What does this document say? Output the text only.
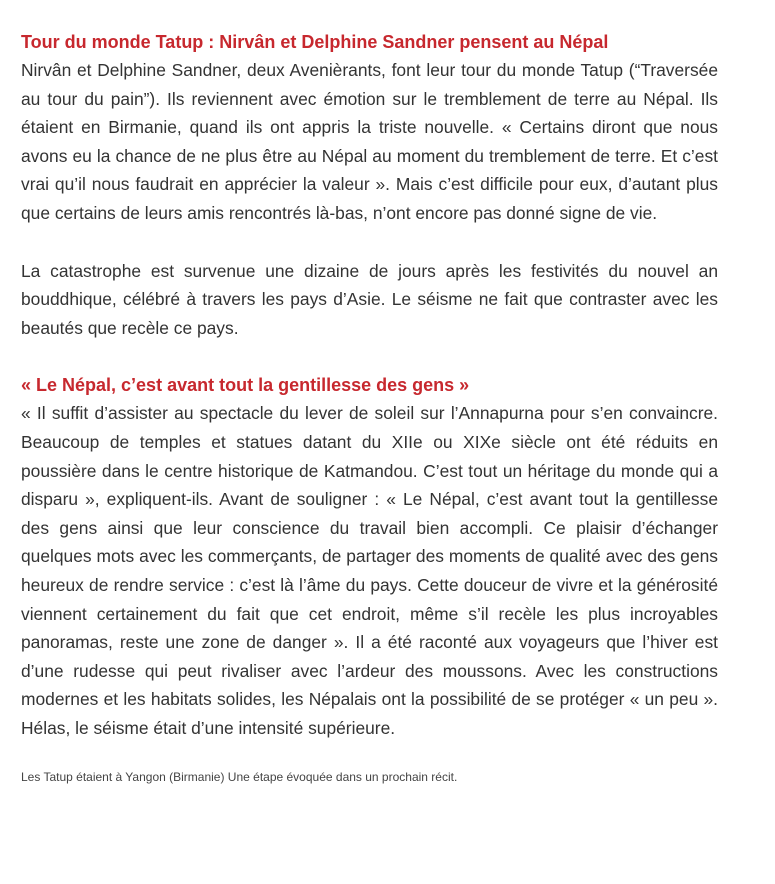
Tour du monde Tatup : Nirvân et Delphine Sandner pensent au Népal

Nirvân et Delphine Sandner, deux Avenièrants, font leur tour du monde Tatup (“Traversée au tour du pain”). Ils reviennent avec émotion sur le tremblement de terre au Népal. Ils étaient en Birmanie, quand ils ont appris la triste nouvelle. « Certains diront que nous avons eu la chance de ne plus être au Népal au moment du tremblement de terre. Et c’est vrai qu’il nous faudrait en apprécier la valeur ». Mais c’est difficile pour eux, d’autant plus que certains de leurs amis rencontrés là-bas, n’ont encore pas donné signe de vie.

La catastrophe est survenue une dizaine de jours après les festivités du nouvel an bouddhique, célébré à travers les pays d’Asie. Le séisme ne fait que contraster avec les beautés que recèle ce pays.

« Le Népal, c’est avant tout la gentillesse des gens »

« Il suffit d’assister au spectacle du lever de soleil sur l’Annapurna pour s’en convaincre. Beaucoup de temples et statues datant du XIIe ou XIXe siècle ont été réduits en poussière dans le centre historique de Katmandou. C’est tout un héritage du monde qui a disparu », expliquent-ils. Avant de souligner : « Le Népal, c’est avant tout la gentillesse des gens ainsi que leur conscience du travail bien accompli. Ce plaisir d’échanger quelques mots avec les commerçants, de partager des moments de qualité avec des gens heureux de rendre service : c’est là l’âme du pays. Cette douceur de vivre et la générosité viennent certainement du fait que cet endroit, même s’il recèle les plus incroyables panoramas, reste une zone de danger ». Il a été raconté aux voyageurs que l’hiver est d’une rudesse qui peut rivaliser avec l’ardeur des moussons. Avec les constructions modernes et les habitats solides, les Népalais ont la possibilité de se protéger « un peu ». Hélas, le séisme était d’une intensité supérieure.

Les Tatup étaient à Yangon (Birmanie) Une étape évoquée dans un prochain récit.
